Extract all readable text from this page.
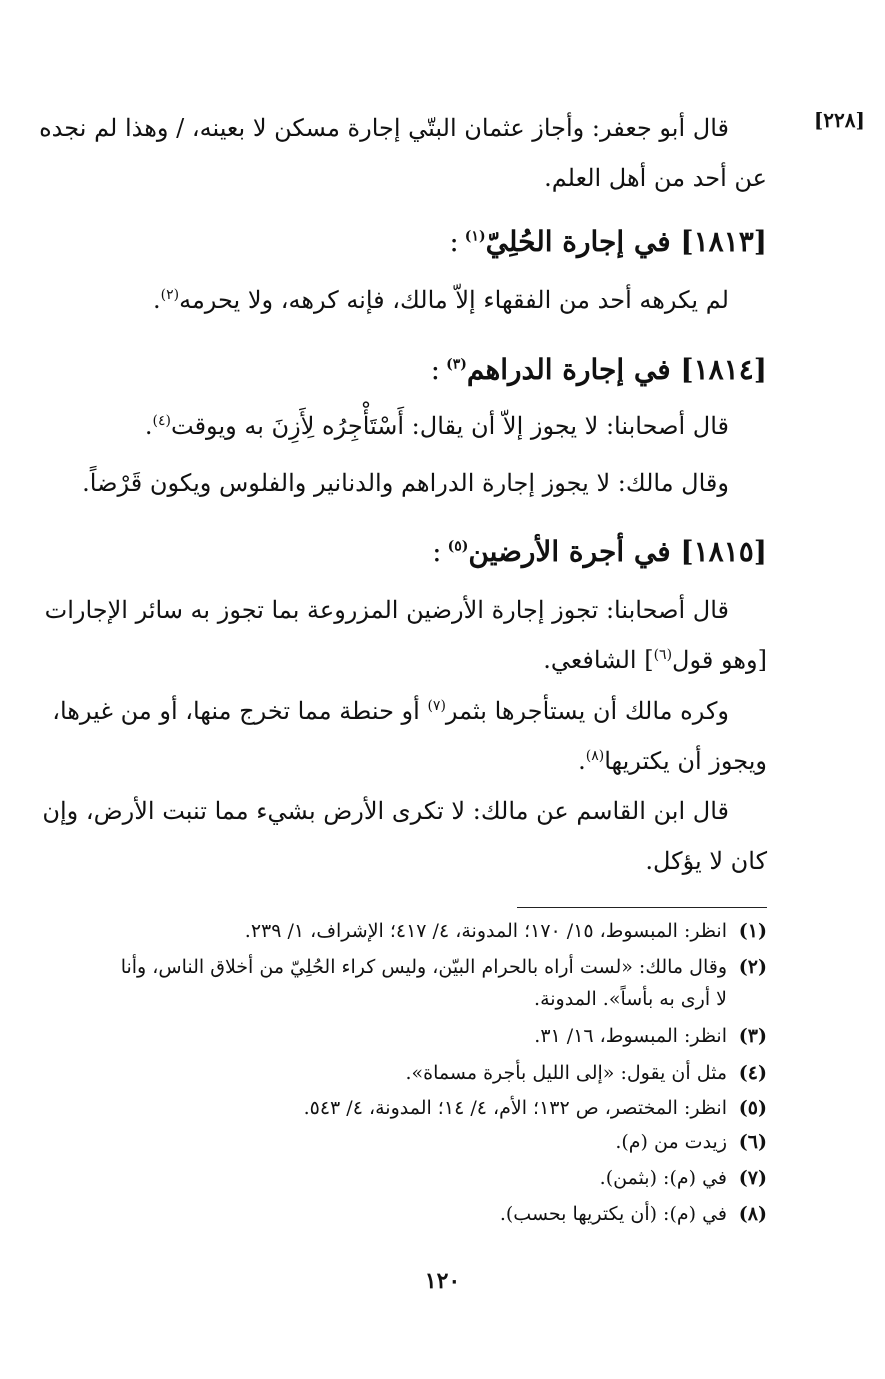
[٢٢٨]
قال أبو جعفر: وأجاز عثمان البتّي إجارة مسكن لا بعينه، / وهذا لم نجده
عن أحد من أهل العلم.
[١٨١٣] في إجارة الحُلِيّ$^{(١)}$:
لم يكرهه أحد من الفقهاء إلاّ مالك، فإنه كرهه، ولا يحرمه$^{(٢)}$.
[١٨١٤] في إجارة الدراهم$^{(٣)}$:
قال أصحابنا: لا يجوز إلاّ أن يقال: أَسْتَأْجِرُه لِأَزِنَ به ويوقت$^{(٤)}$.
وقال مالك: لا يجوز إجارة الدراهم والدنانير والفلوس ويكون قَرْضاً.
[١٨١٥] في أجرة الأرضين$^{(٥)}$:
قال أصحابنا: تجوز إجارة الأرضين المزروعة بما تجوز به سائر الإجارات
[وهو قول$^{(٦)}$] الشافعي.
وكره مالك أن يستأجرها بثمر$^{(٧)}$ أو حنطة مما تخرج منها، أو من غيرها،
ويجوز أن يكتريها$^{(٨)}$.
قال ابن القاسم عن مالك: لا تكرى الأرض بشيء مما تنبت الأرض، وإن
كان لا يؤكل.
(١)انظر: المبسوط، ١٥/ ١٧٠؛ المدونة، ٤/ ٤١٧؛ الإشراف، ١/ ٢٣٩.
(٢)وقال مالك: «لست أراه بالحرام البيّن، وليس كراء الحُلِيّ من أخلاق الناس، وأنا
لا أرى به بأساً». المدونة.
(٣)انظر: المبسوط، ١٦/ ٣١.
(٤)مثل أن يقول: «إلى الليل بأجرة مسماة».
(٥)انظر: المختصر، ص ١٣٢؛ الأم، ٤/ ١٤؛ المدونة، ٤/ ٥٤٣.
(٦)زيدت من (م).
(٧)في (م): (بثمن).
(٨)في (م): (أن يكتريها بحسب).
١٢٠
